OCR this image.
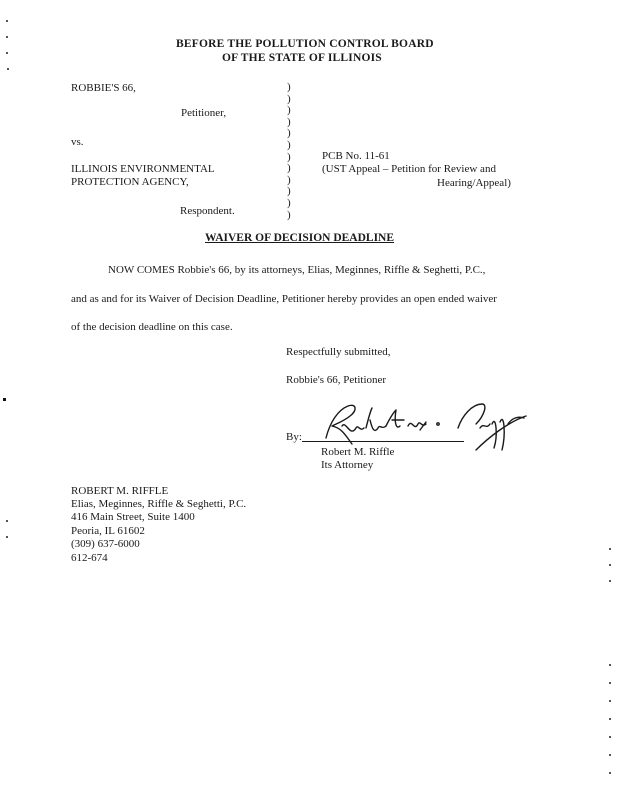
BEFORE THE POLLUTION CONTROL BOARD
OF THE STATE OF ILLINOIS
ROBBIE'S 66,
Petitioner,
vs.
ILLINOIS ENVIRONMENTAL
PROTECTION AGENCY,
Respondent.
)
)
)
)
)
)
)
)
)
)
)
)
PCB No. 11-61
(UST Appeal – Petition for Review and
Hearing/Appeal)
WAIVER OF DECISION DEADLINE
NOW COMES Robbie's 66, by its attorneys, Elias, Meginnes, Riffle & Seghetti, P.C.,
and as and for its Waiver of Decision Deadline, Petitioner hereby provides an open ended waiver
of the decision deadline on this case.
Respectfully submitted,
Robbie's 66, Petitioner
By:
Robert M. Riffle
Its Attorney
ROBERT M. RIFFLE
Elias, Meginnes, Riffle & Seghetti, P.C.
416 Main Street, Suite 1400
Peoria, IL 61602
(309) 637-6000
612-674
